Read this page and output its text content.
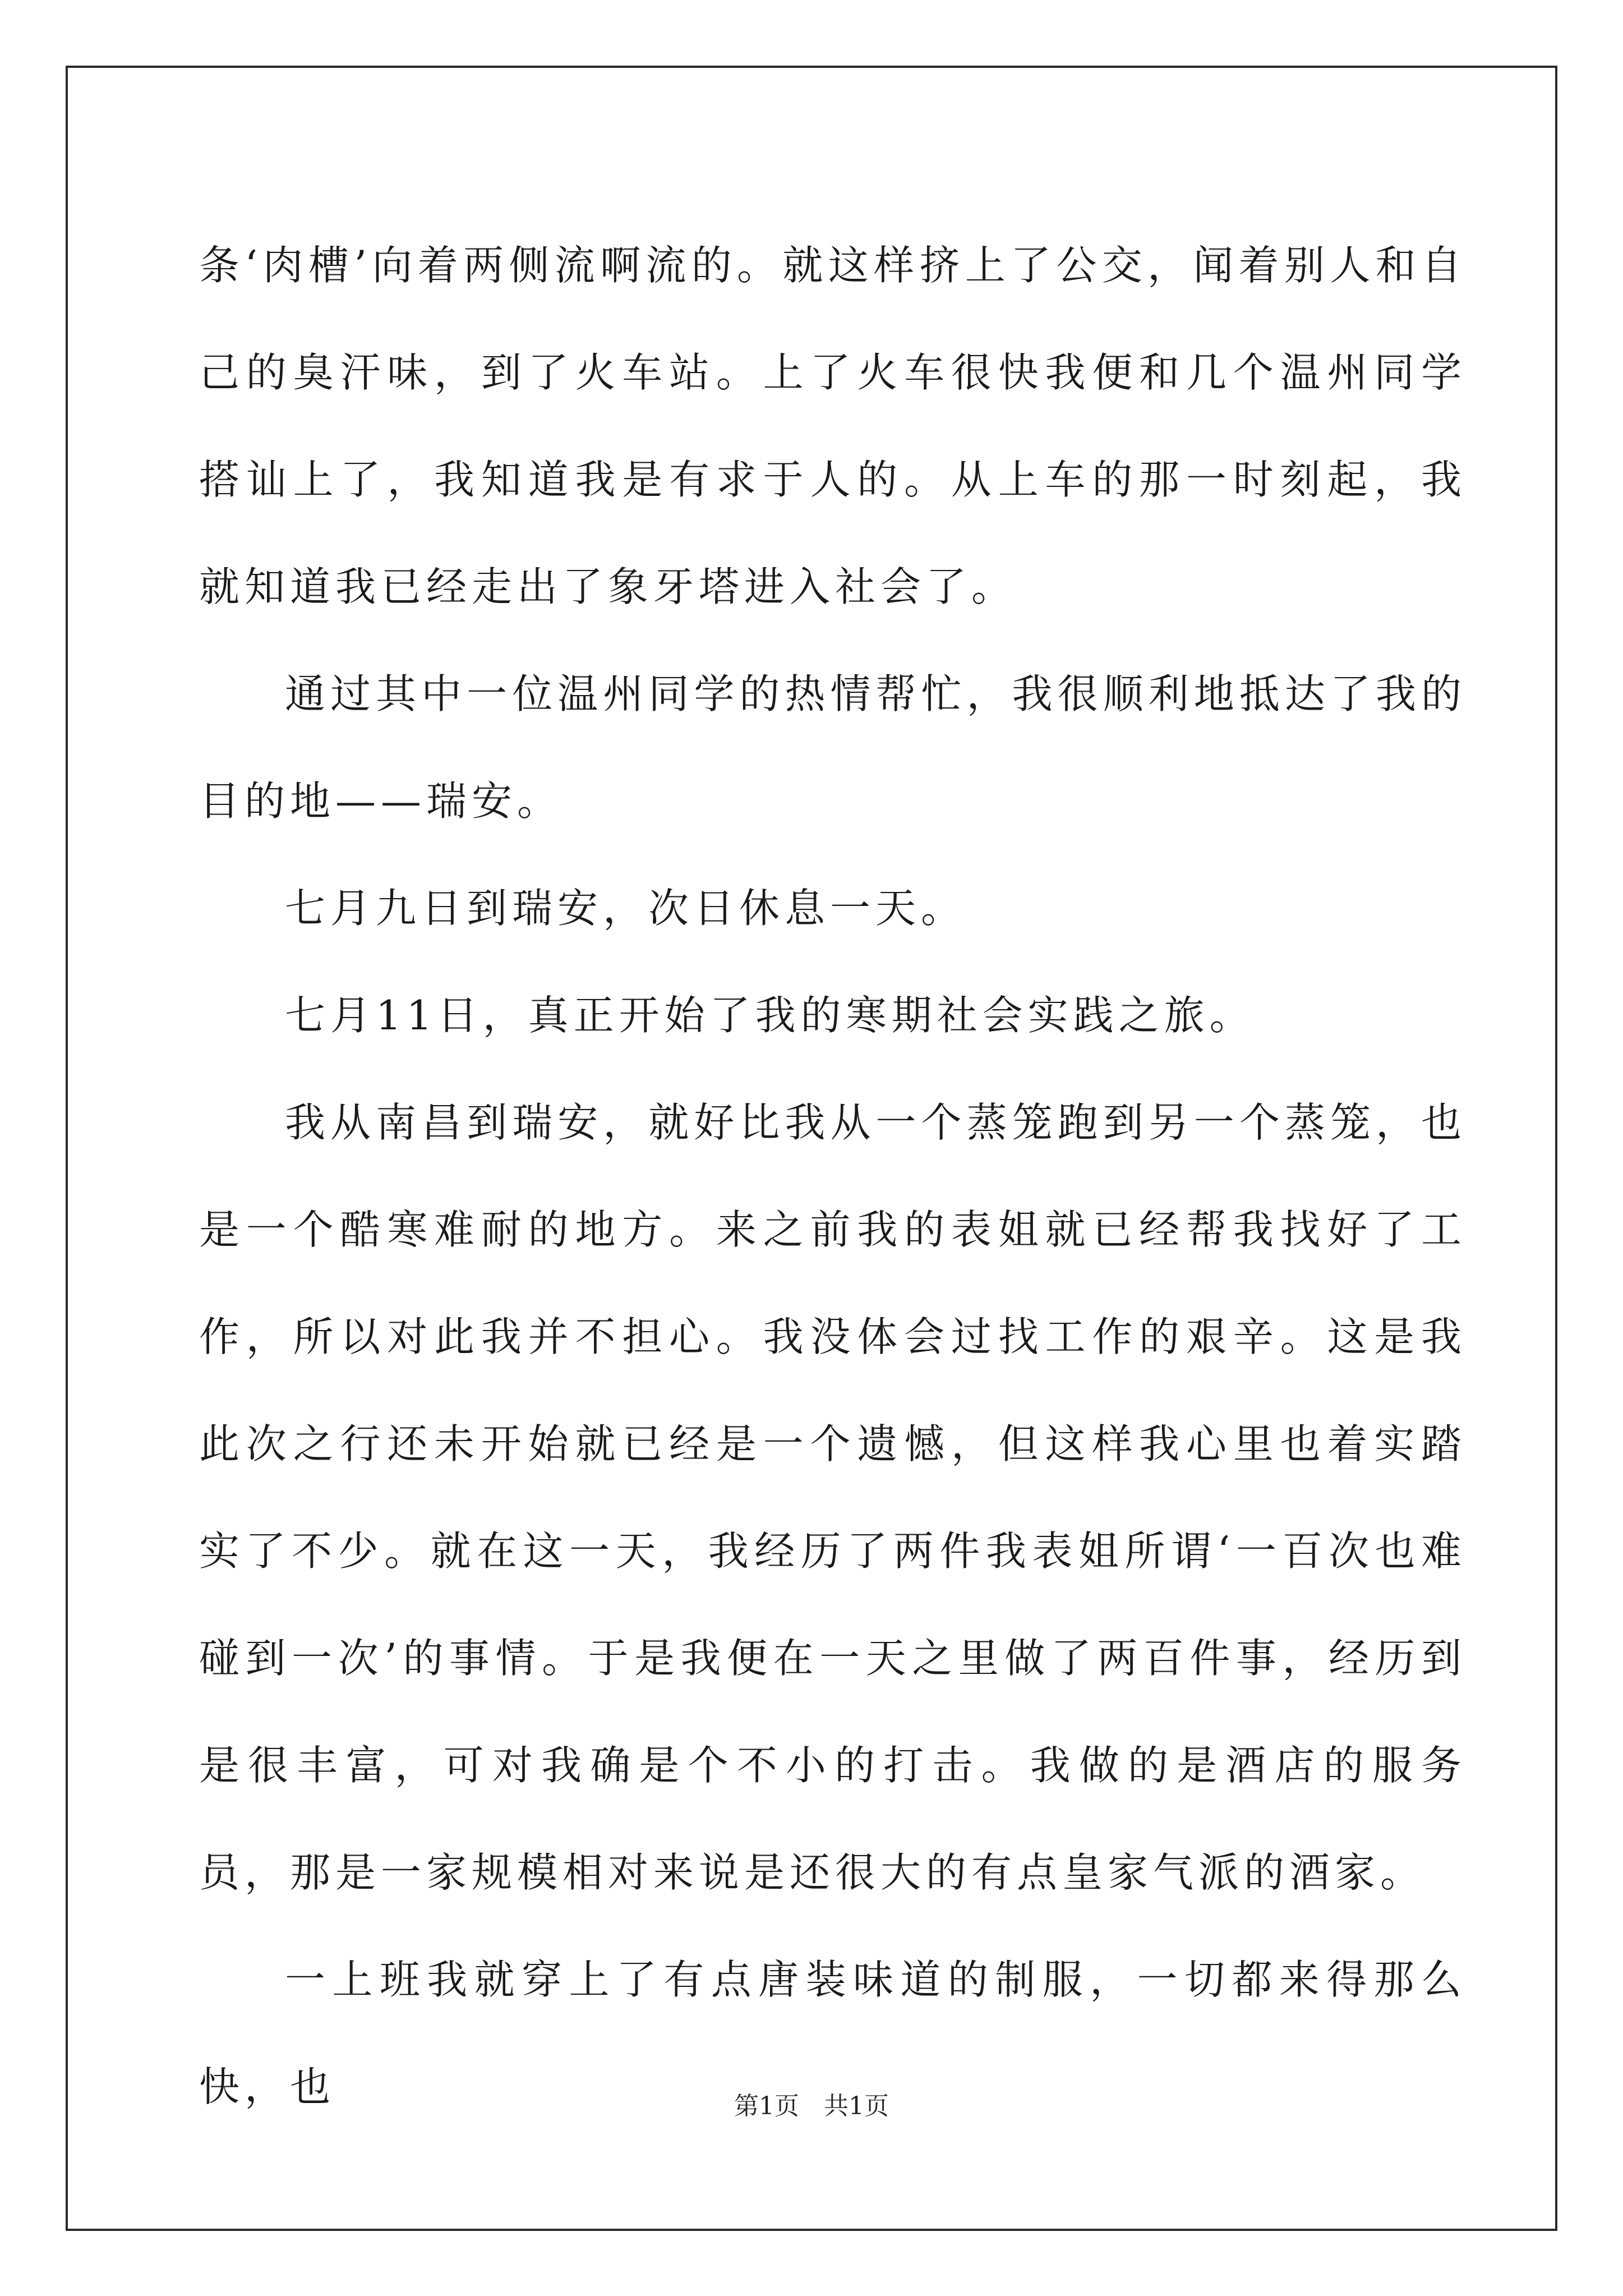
条‘肉槽’向着两侧流啊流的。就这样挤上了公交，闻着别人和自己的臭汗味，到了火车站。上了火车很快我便和几个温州同学搭讪上了，我知道我是有求于人的。从上车的那一时刻起，我就知道我已经走出了象牙塔进入社会了。

通过其中一位温州同学的热情帮忙，我很顺利地抵达了我的目的地——瑞安。

七月九日到瑞安，次日休息一天。

七月11日，真正开始了我的寒期社会实践之旅。

我从南昌到瑞安，就好比我从一个蒸笼跑到另一个蒸笼，也是一个酷寒难耐的地方。来之前我的表姐就已经帮我找好了工作，所以对此我并不担心。我没体会过找工作的艰辛。这是我此次之行还未开始就已经是一个遗憾，但这样我心里也着实踏实了不少。就在这一天，我经历了两件我表姐所谓‘一百次也难碰到一次’的事情。于是我便在一天之里做了两百件事，经历到是很丰富，可对我确是个不小的打击。我做的是酒店的服务员，那是一家规模相对来说是还很大的有点皇家气派的酒家。

一上班我就穿上了有点唐装味道的制服，一切都来得那么快，也	第1页　共1页
